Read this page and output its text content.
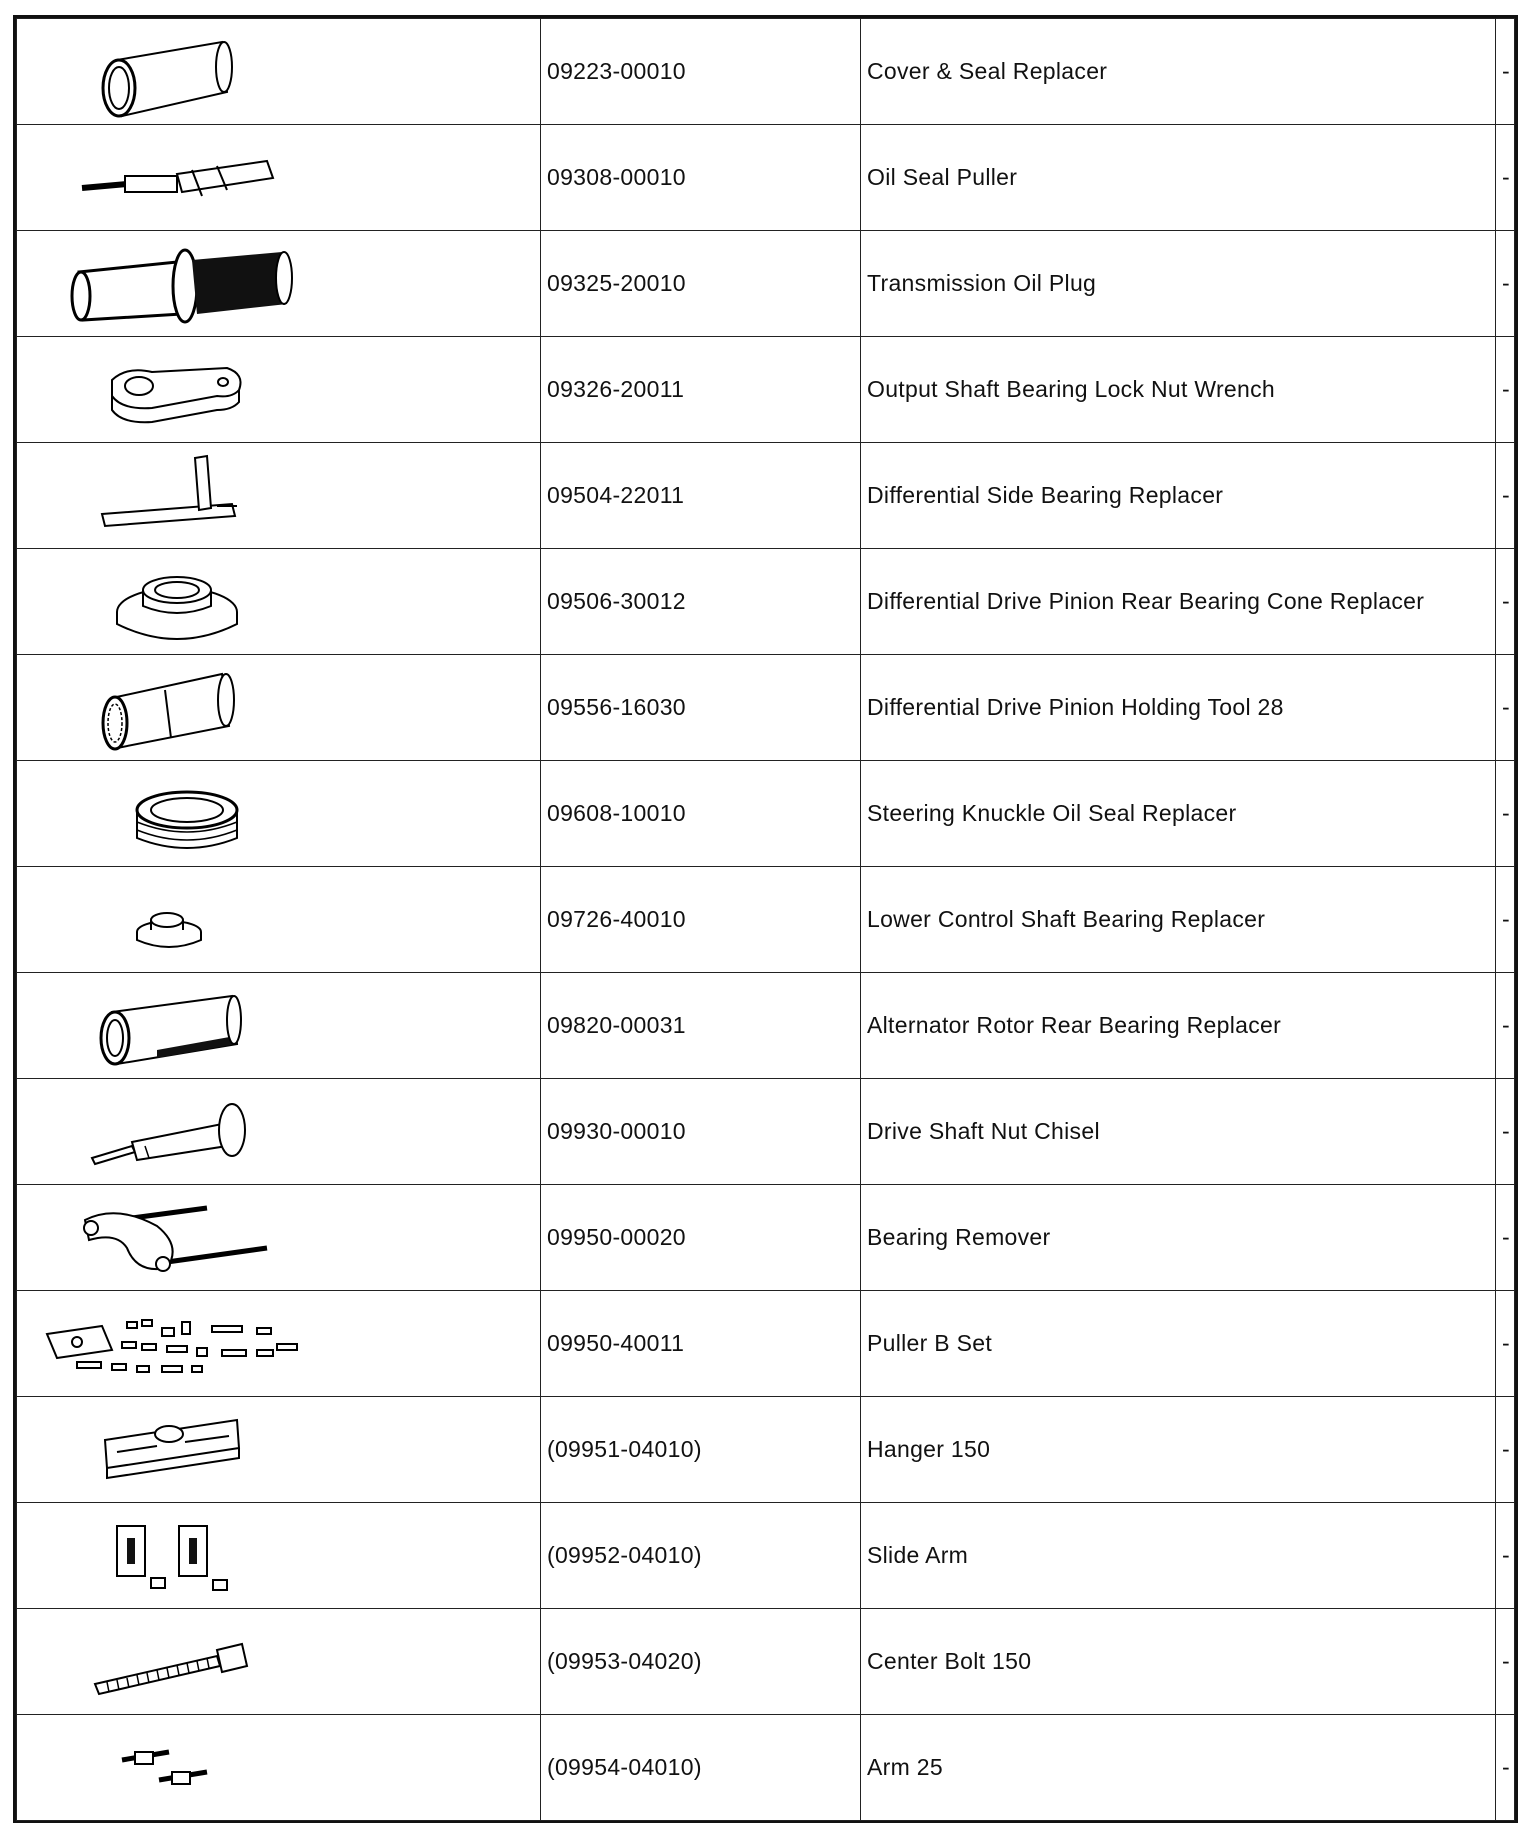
	09223-00010	Cover & Seal Replacer	-

	09308-00010	Oil Seal Puller	-

	09325-20010	Transmission Oil Plug	-

	09326-20011	Output Shaft Bearing Lock Nut Wrench	-

	09504-22011	Differential Side Bearing Replacer	-

	09506-30012	Differential Drive Pinion Rear Bearing Cone Replacer	-

	09556-16030	Differential Drive Pinion Holding Tool 28	-

	09608-10010	Steering Knuckle Oil Seal Replacer	-

	09726-40010	Lower Control Shaft Bearing Replacer	-

	09820-00031	Alternator Rotor Rear Bearing Replacer	-

	09930-00010	Drive Shaft Nut Chisel	-

	09950-00020	Bearing Remover	-

	09950-40011	Puller B Set	-

	(09951-04010)	Hanger 150	-

	(09952-04010)	Slide Arm	-

	(09953-04020)	Center Bolt 150	-

	(09954-04010)	Arm 25	-
